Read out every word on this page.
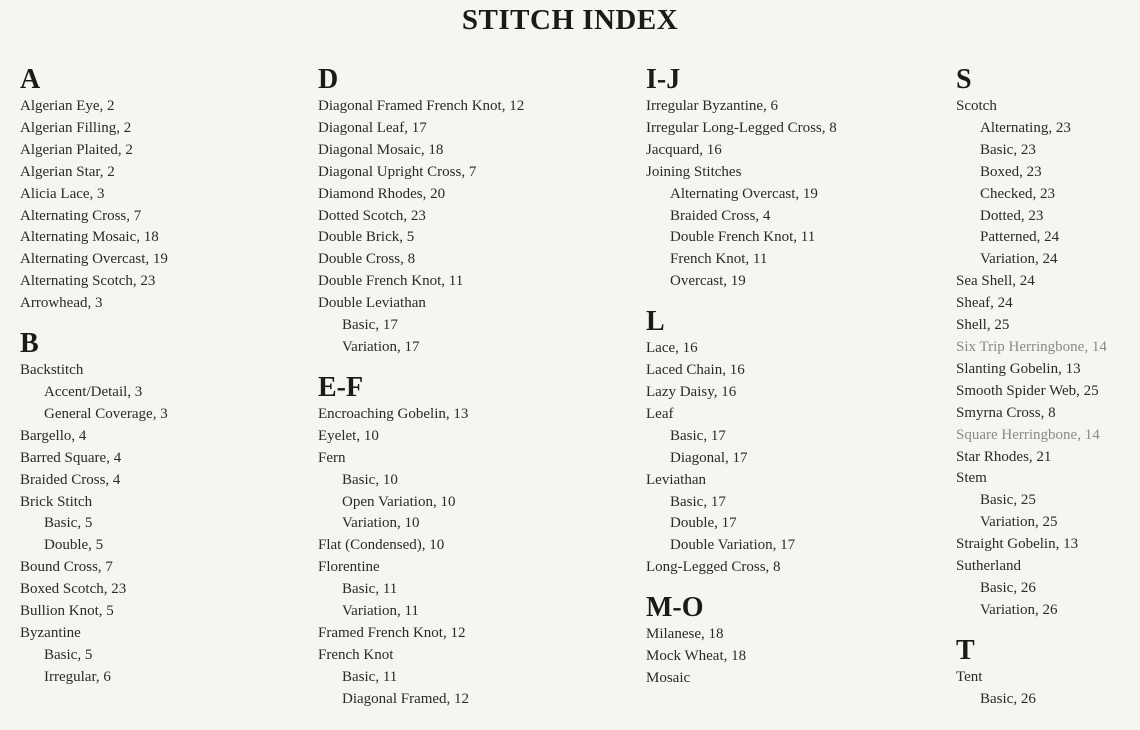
STITCH INDEX
A
Algerian Eye, 2
Algerian Filling, 2
Algerian Plaited, 2
Algerian Star, 2
Alicia Lace, 3
Alternating Cross, 7
Alternating Mosaic, 18
Alternating Overcast, 19
Alternating Scotch, 23
Arrowhead, 3
B
Backstitch
Accent/Detail, 3
General Coverage, 3
Bargello, 4
Barred Square, 4
Braided Cross, 4
Brick Stitch
Basic, 5
Double, 5
Bound Cross, 7
Boxed Scotch, 23
Bullion Knot, 5
Byzantine
Basic, 5
Irregular, 6
D
Diagonal Framed French Knot, 12
Diagonal Leaf, 17
Diagonal Mosaic, 18
Diagonal Upright Cross, 7
Diamond Rhodes, 20
Dotted Scotch, 23
Double Brick, 5
Double Cross, 8
Double French Knot, 11
Double Leviathan
Basic, 17
Variation, 17
E-F
Encroaching Gobelin, 13
Eyelet, 10
Fern
Basic, 10
Open Variation, 10
Variation, 10
Flat (Condensed), 10
Florentine
Basic, 11
Variation, 11
Framed French Knot, 12
French Knot
Basic, 11
Diagonal Framed, 12
I-J
Irregular Byzantine, 6
Irregular Long-Legged Cross, 8
Jacquard, 16
Joining Stitches
Alternating Overcast, 19
Braided Cross, 4
Double French Knot, 11
French Knot, 11
Overcast, 19
L
Lace, 16
Laced Chain, 16
Lazy Daisy, 16
Leaf
Basic, 17
Diagonal, 17
Leviathan
Basic, 17
Double, 17
Double Variation, 17
Long-Legged Cross, 8
M-O
Milanese, 18
Mock Wheat, 18
Mosaic
S
Scotch
Alternating, 23
Basic, 23
Boxed, 23
Checked, 23
Dotted, 23
Patterned, 24
Variation, 24
Sea Shell, 24
Sheaf, 24
Shell, 25
Six Trip Herringbone, 14
Slanting Gobelin, 13
Smooth Spider Web, 25
Smyrna Cross, 8
Square Herringbone, 14
Star Rhodes, 21
Stem
Basic, 25
Variation, 25
Straight Gobelin, 13
Sutherland
Basic, 26
Variation, 26
T
Tent
Basic, 26
